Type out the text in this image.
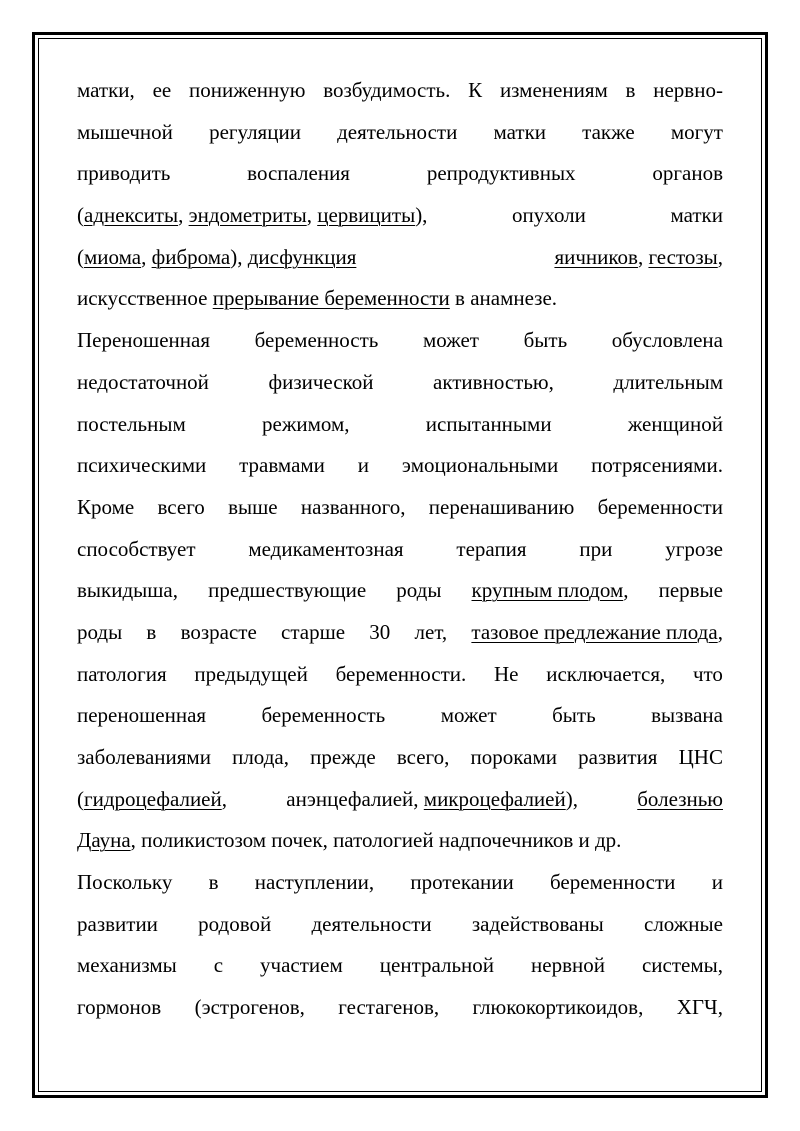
матки, ее пониженную возбудимость. К изменениям в нервно-
мышечной регуляции деятельности матки также могут
приводить	воспаления	репродуктивных	органов
(аднекситы, эндометриты, цервициты),	опухоли	матки
(миома, фиброма), дисфункция	яичников, гестозы,
искусственное прерывание беременности в анамнезе.
Переношенная беременность может быть обусловлена
недостаточной	физической	активностью,	длительным
постельным	режимом,	испытанными	женщиной
психическими травмами и эмоциональными потрясениями.
Кроме всего выше названного, перенашиванию беременности
способствует	медикаментозная	терапия	при	угрозе
выкидыша, предшествующие роды крупным плодом, первые
роды в возрасте старше 30 лет, тазовое предлежание плода,
патология предыдущей беременности. Не исключается, что
переношенная	беременность	может	быть	вызвана
заболеваниями плода, прежде всего, пороками развития ЦНС
(гидроцефалией,	анэнцефалией, микроцефалией),	болезнью
Дауна, поликистозом почек, патологией надпочечников и др.
Поскольку в наступлении, протекании беременности и
развитии родовой деятельности задействованы сложные
механизмы с участием центральной нервной системы,
гормонов (эстрогенов, гестагенов, глюкокортикоидов, ХГЧ,
